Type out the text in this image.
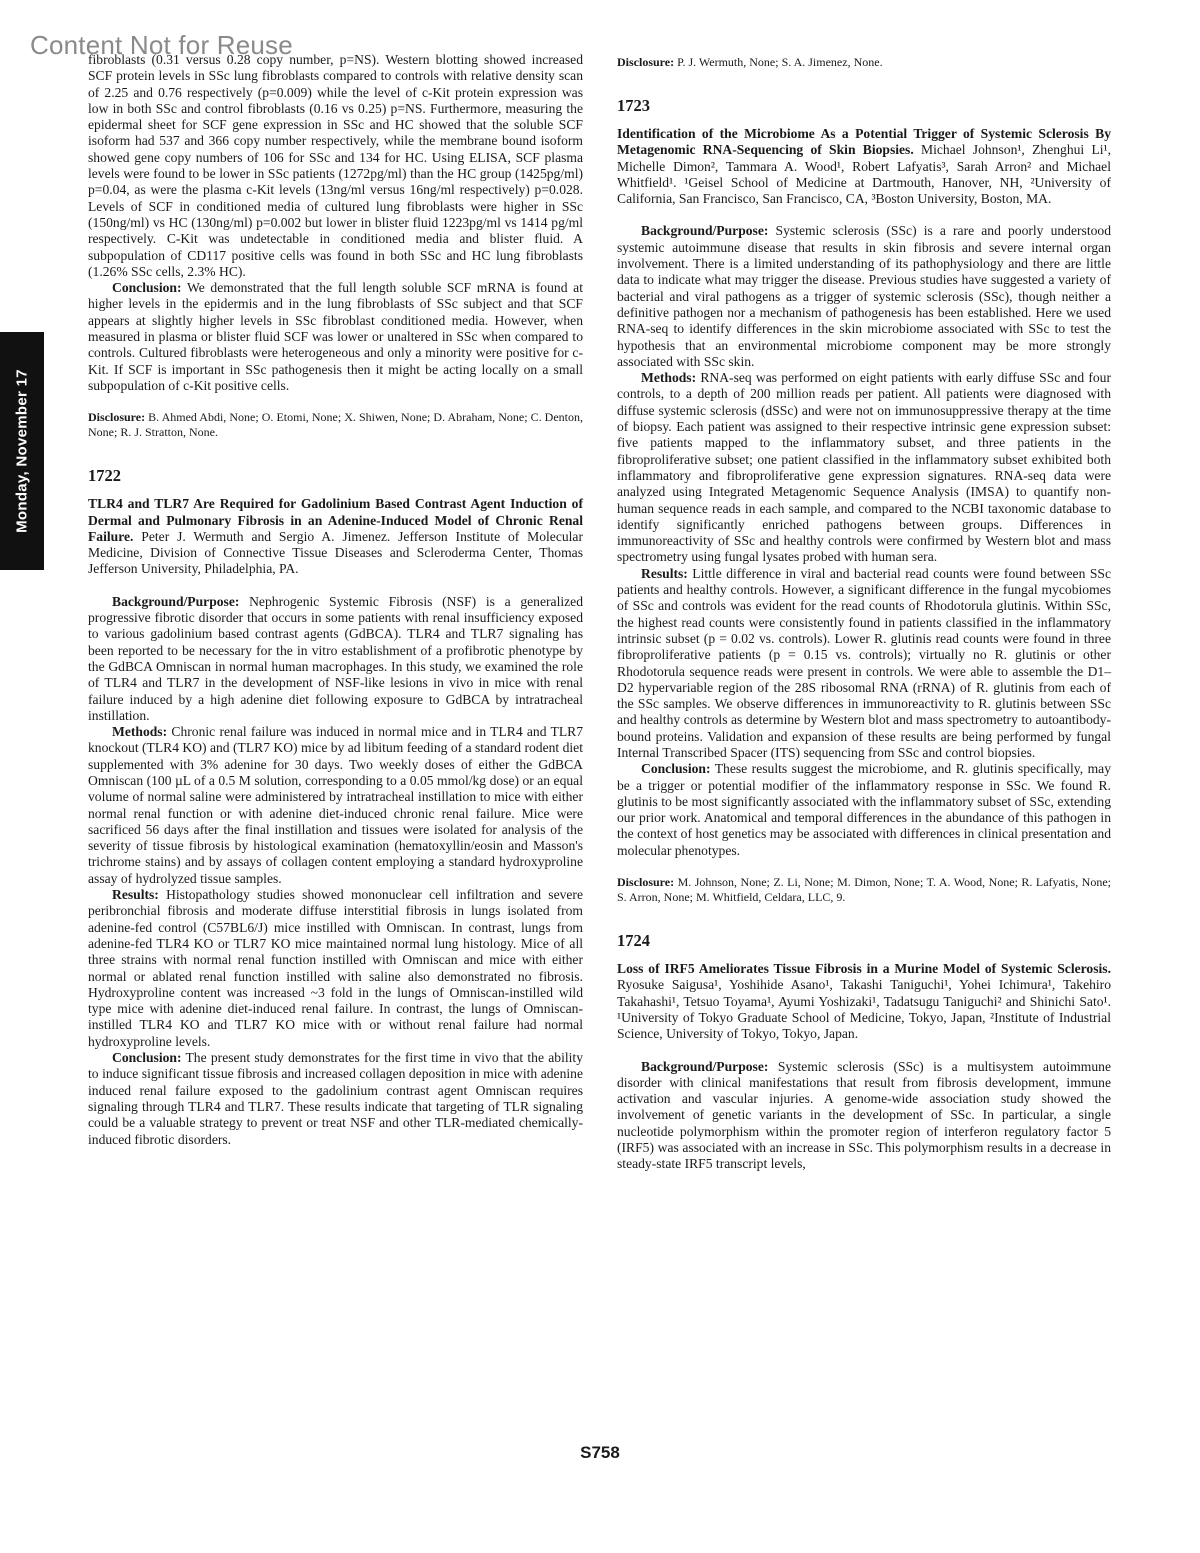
Content Not for Reuse
Monday, November 17

fibroblasts (0.31 versus 0.28 copy number, p=NS). Western blotting showed increased SCF protein levels in SSc lung fibroblasts compared to controls with relative density scan of 2.25 and 0.76 respectively (p=0.009) while the level of c-Kit protein expression was low in both SSc and control fibroblasts (0.16 vs 0.25) p=NS. Furthermore, measuring the epidermal sheet for SCF gene expression in SSc and HC showed that the soluble SCF isoform had 537 and 366 copy number respectively, while the membrane bound isoform showed gene copy numbers of 106 for SSc and 134 for HC. Using ELISA, SCF plasma levels were found to be lower in SSc patients (1272pg/ml) than the HC group (1425pg/ml) p=0.04, as were the plasma c-Kit levels (13ng/ml versus 16ng/ml respectively) p=0.028. Levels of SCF in conditioned media of cultured lung fibroblasts were higher in SSc (150ng/ml) vs HC (130ng/ml) p=0.002 but lower in blister fluid 1223pg/ml vs 1414 pg/ml respectively. C-Kit was undetectable in conditioned media and blister fluid. A subpopulation of CD117 positive cells was found in both SSc and HC lung fibroblasts (1.26% SSc cells, 2.3% HC).

Conclusion: We demonstrated that the full length soluble SCF mRNA is found at higher levels in the epidermis and in the lung fibroblasts of SSc subject and that SCF appears at slightly higher levels in SSc fibroblast conditioned media. However, when measured in plasma or blister fluid SCF was lower or unaltered in SSc when compared to controls. Cultured fibroblasts were heterogeneous and only a minority were positive for c-Kit. If SCF is important in SSc pathogenesis then it might be acting locally on a small subpopulation of c-Kit positive cells.

Disclosure: B. Ahmed Abdi, None; O. Etomi, None; X. Shiwen, None; D. Abraham, None; C. Denton, None; R. J. Stratton, None.

1722

TLR4 and TLR7 Are Required for Gadolinium Based Contrast Agent Induction of Dermal and Pulmonary Fibrosis in an Adenine-Induced Model of Chronic Renal Failure. Peter J. Wermuth and Sergio A. Jimenez. Jefferson Institute of Molecular Medicine, Division of Connective Tissue Diseases and Scleroderma Center, Thomas Jefferson University, Philadelphia, PA.

Background/Purpose: Nephrogenic Systemic Fibrosis (NSF) is a generalized progressive fibrotic disorder that occurs in some patients with renal insufficiency exposed to various gadolinium based contrast agents (GdBCA). TLR4 and TLR7 signaling has been reported to be necessary for the in vitro establishment of a profibrotic phenotype by the GdBCA Omniscan in normal human macrophages. In this study, we examined the role of TLR4 and TLR7 in the development of NSF-like lesions in vivo in mice with renal failure induced by a high adenine diet following exposure to GdBCA by intratracheal instillation.

Methods: Chronic renal failure was induced in normal mice and in TLR4 and TLR7 knockout (TLR4 KO) and (TLR7 KO) mice by ad libitum feeding of a standard rodent diet supplemented with 3% adenine for 30 days. Two weekly doses of either the GdBCA Omniscan (100 µL of a 0.5 M solution, corresponding to a 0.05 mmol/kg dose) or an equal volume of normal saline were administered by intratracheal instillation to mice with either normal renal function or with adenine diet-induced chronic renal failure. Mice were sacrificed 56 days after the final instillation and tissues were isolated for analysis of the severity of tissue fibrosis by histological examination (hematoxyllin/eosin and Masson's trichrome stains) and by assays of collagen content employing a standard hydroxyproline assay of hydrolyzed tissue samples.

Results: Histopathology studies showed mononuclear cell infiltration and severe peribronchial fibrosis and moderate diffuse interstitial fibrosis in lungs isolated from adenine-fed control (C57BL6/J) mice instilled with Omniscan. In contrast, lungs from adenine-fed TLR4 KO or TLR7 KO mice maintained normal lung histology. Mice of all three strains with normal renal function instilled with Omniscan and mice with either normal or ablated renal function instilled with saline also demonstrated no fibrosis. Hydroxyproline content was increased ~3 fold in the lungs of Omniscan-instilled wild type mice with adenine diet-induced renal failure. In contrast, the lungs of Omniscan-instilled TLR4 KO and TLR7 KO mice with or without renal failure had normal hydroxyproline levels.

Conclusion: The present study demonstrates for the first time in vivo that the ability to induce significant tissue fibrosis and increased collagen deposition in mice with adenine induced renal failure exposed to the gadolinium contrast agent Omniscan requires signaling through TLR4 and TLR7. These results indicate that targeting of TLR signaling could be a valuable strategy to prevent or treat NSF and other TLR-mediated chemically-induced fibrotic disorders.

Disclosure: P. J. Wermuth, None; S. A. Jimenez, None.

1723

Identification of the Microbiome As a Potential Trigger of Systemic Sclerosis By Metagenomic RNA-Sequencing of Skin Biopsies. Michael Johnson¹, Zhenghui Li¹, Michelle Dimon², Tammara A. Wood¹, Robert Lafyatis³, Sarah Arron² and Michael Whitfield¹. ¹Geisel School of Medicine at Dartmouth, Hanover, NH, ²University of California, San Francisco, San Francisco, CA, ³Boston University, Boston, MA.

Background/Purpose: Systemic sclerosis (SSc) is a rare and poorly understood systemic autoimmune disease that results in skin fibrosis and severe internal organ involvement. There is a limited understanding of its pathophysiology and there are little data to indicate what may trigger the disease. Previous studies have suggested a variety of bacterial and viral pathogens as a trigger of systemic sclerosis (SSc), though neither a definitive pathogen nor a mechanism of pathogenesis has been established. Here we used RNA-seq to identify differences in the skin microbiome associated with SSc to test the hypothesis that an environmental microbiome component may be more strongly associated with SSc skin.

Methods: RNA-seq was performed on eight patients with early diffuse SSc and four controls, to a depth of 200 million reads per patient. All patients were diagnosed with diffuse systemic sclerosis (dSSc) and were not on immunosuppressive therapy at the time of biopsy. Each patient was assigned to their respective intrinsic gene expression subset: five patients mapped to the inflammatory subset, and three patients in the fibroproliferative subset; one patient classified in the inflammatory subset exhibited both inflammatory and fibroproliferative gene expression signatures. RNA-seq data were analyzed using Integrated Metagenomic Sequence Analysis (IMSA) to quantify non-human sequence reads in each sample, and compared to the NCBI taxonomic database to identify significantly enriched pathogens between groups. Differences in immunoreactivity of SSc and healthy controls were confirmed by Western blot and mass spectrometry using fungal lysates probed with human sera.

Results: Little difference in viral and bacterial read counts were found between SSc patients and healthy controls. However, a significant difference in the fungal mycobiomes of SSc and controls was evident for the read counts of Rhodotorula glutinis. Within SSc, the highest read counts were consistently found in patients classified in the inflammatory intrinsic subset (p = 0.02 vs. controls). Lower R. glutinis read counts were found in three fibroproliferative patients (p = 0.15 vs. controls); virtually no R. glutinis or other Rhodotorula sequence reads were present in controls. We were able to assemble the D1–D2 hypervariable region of the 28S ribosomal RNA (rRNA) of R. glutinis from each of the SSc samples. We observe differences in immunoreactivity to R. glutinis between SSc and healthy controls as determine by Western blot and mass spectrometry to autoantibody-bound proteins. Validation and expansion of these results are being performed by fungal Internal Transcribed Spacer (ITS) sequencing from SSc and control biopsies.

Conclusion: These results suggest the microbiome, and R. glutinis specifically, may be a trigger or potential modifier of the inflammatory response in SSc. We found R. glutinis to be most significantly associated with the inflammatory subset of SSc, extending our prior work. Anatomical and temporal differences in the abundance of this pathogen in the context of host genetics may be associated with differences in clinical presentation and molecular phenotypes.

Disclosure: M. Johnson, None; Z. Li, None; M. Dimon, None; T. A. Wood, None; R. Lafyatis, None; S. Arron, None; M. Whitfield, Celdara, LLC, 9.

1724

Loss of IRF5 Ameliorates Tissue Fibrosis in a Murine Model of Systemic Sclerosis. Ryosuke Saigusa¹, Yoshihide Asano¹, Takashi Taniguchi¹, Yohei Ichimura¹, Takehiro Takahashi¹, Tetsuo Toyama¹, Ayumi Yoshizaki¹, Tadatsugu Taniguchi² and Shinichi Sato¹. ¹University of Tokyo Graduate School of Medicine, Tokyo, Japan, ²Institute of Industrial Science, University of Tokyo, Tokyo, Japan.

Background/Purpose: Systemic sclerosis (SSc) is a multisystem autoimmune disorder with clinical manifestations that result from fibrosis development, immune activation and vascular injuries. A genome-wide association study showed the involvement of genetic variants in the development of SSc. In particular, a single nucleotide polymorphism within the promoter region of interferon regulatory factor 5 (IRF5) was associated with an increase in SSc. This polymorphism results in a decrease in steady-state IRF5 transcript levels,

S758
